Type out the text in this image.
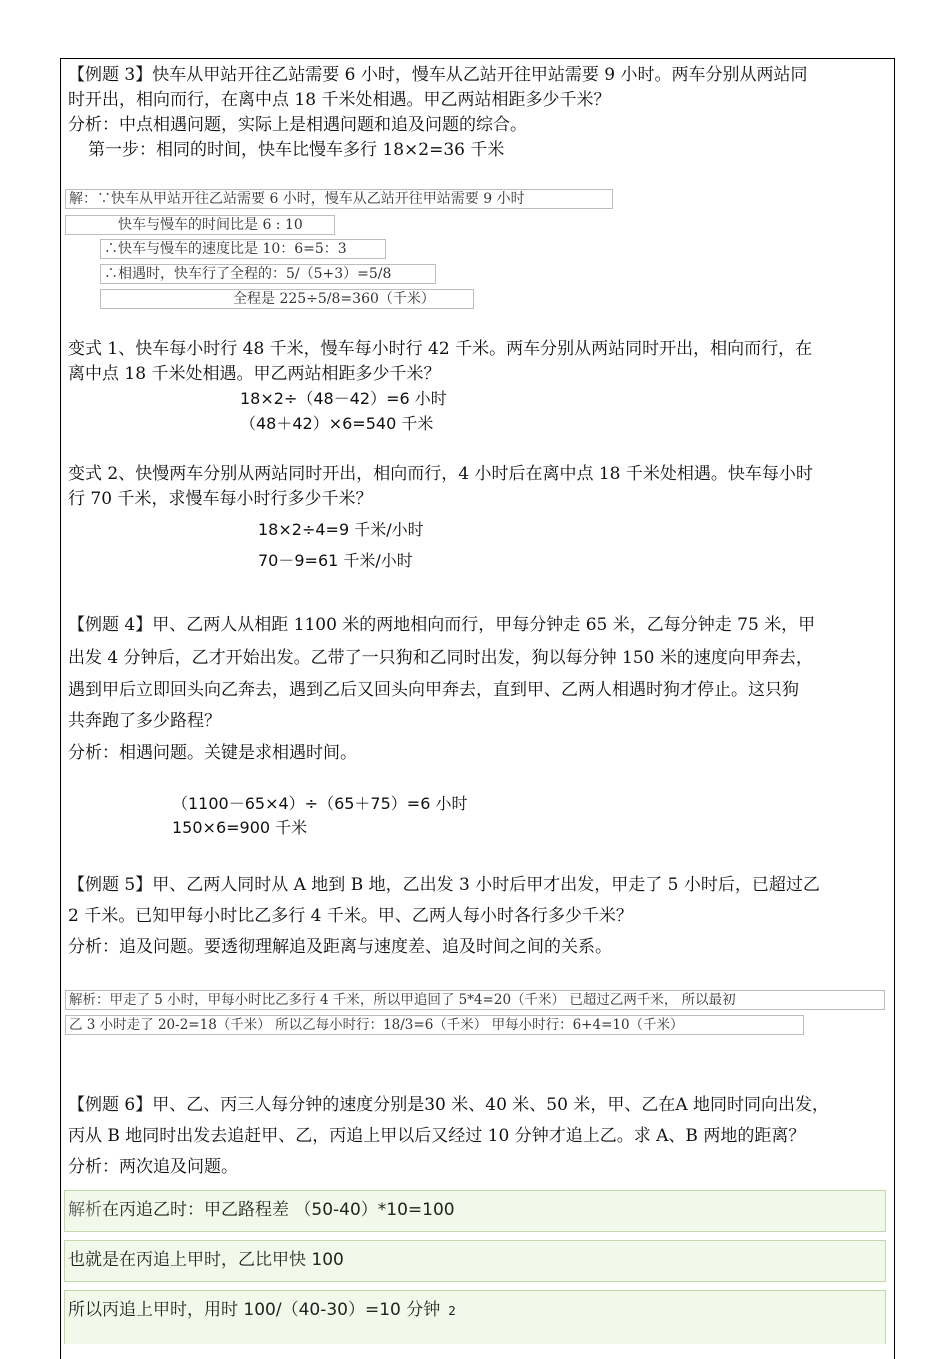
【例题 3】快车从甲站开往乙站需要 6 小时，慢车从乙站开往甲站需要 9 小时。两车分别从两站同
时开出，相向而行，在离中点 18 千米处相遇。甲乙两站相距多少千米？
分析：中点相遇问题，实际上是相遇问题和追及问题的综合。
第一步：相同的时间，快车比慢车多行 18×2=36 千米
解：∵快车从甲站开往乙站需要 6 小时，慢车从乙站开往甲站需要 9 小时
快车与慢车的时间比是 6 : 10
∴快车与慢车的速度比是 10：6=5：3
∴相遇时，快车行了全程的：5/（5+3）=5/8
全程是 225÷5/8=360（千米）
变式 1、快车每小时行 48 千米，慢车每小时行 42 千米。两车分别从两站同时开出，相向而行，在
离中点 18 千米处相遇。甲乙两站相距多少千米？
18×2÷（48－42）=6 小时
（48＋42）×6=540 千米
变式 2、快慢两车分别从两站同时开出，相向而行，4 小时后在离中点 18 千米处相遇。快车每小时
行 70 千米，求慢车每小时行多少千米？
18×2÷4=9 千米/小时
70－9=61 千米/小时
【例题 4】甲、乙两人从相距 1100 米的两地相向而行，甲每分钟走 65 米，乙每分钟走 75 米，甲
出发 4 分钟后，乙才开始出发。乙带了一只狗和乙同时出发，狗以每分钟 150 米的速度向甲奔去，
遇到甲后立即回头向乙奔去，遇到乙后又回头向甲奔去，直到甲、乙两人相遇时狗才停止。这只狗
共奔跑了多少路程？
分析：相遇问题。关键是求相遇时间。
（1100－65×4）÷（65＋75）=6 小时
150×6=900 千米
【例题 5】甲、乙两人同时从 A 地到 B 地，乙出发 3 小时后甲才出发，甲走了 5 小时后，已超过乙
2 千米。已知甲每小时比乙多行 4 千米。甲、乙两人每小时各行多少千米？
分析：追及问题。要透彻理解追及距离与速度差、追及时间之间的关系。
解析：甲走了 5 小时，甲每小时比乙多行 4 千米，所以甲追回了 5*4=20（千米） 已超过乙两千米， 所以最初
乙 3 小时走了 20-2=18（千米） 所以乙每小时行：18/3=6（千米） 甲每小时行：6+4=10（千米）
【例题 6】甲、乙、丙三人每分钟的速度分别是30 米、40 米、50 米，甲、乙在A 地同时同向出发，
丙从 B 地同时出发去追赶甲、乙，丙追上甲以后又经过 10 分钟才追上乙。求 A、B 两地的距离？
分析：两次追及问题。
解析在丙追乙时：甲乙路程差 （50-40）*10=100
也就是在丙追上甲时，乙比甲快 100
所以丙追上甲时，用时 100/（40-30）=10 分钟 2
